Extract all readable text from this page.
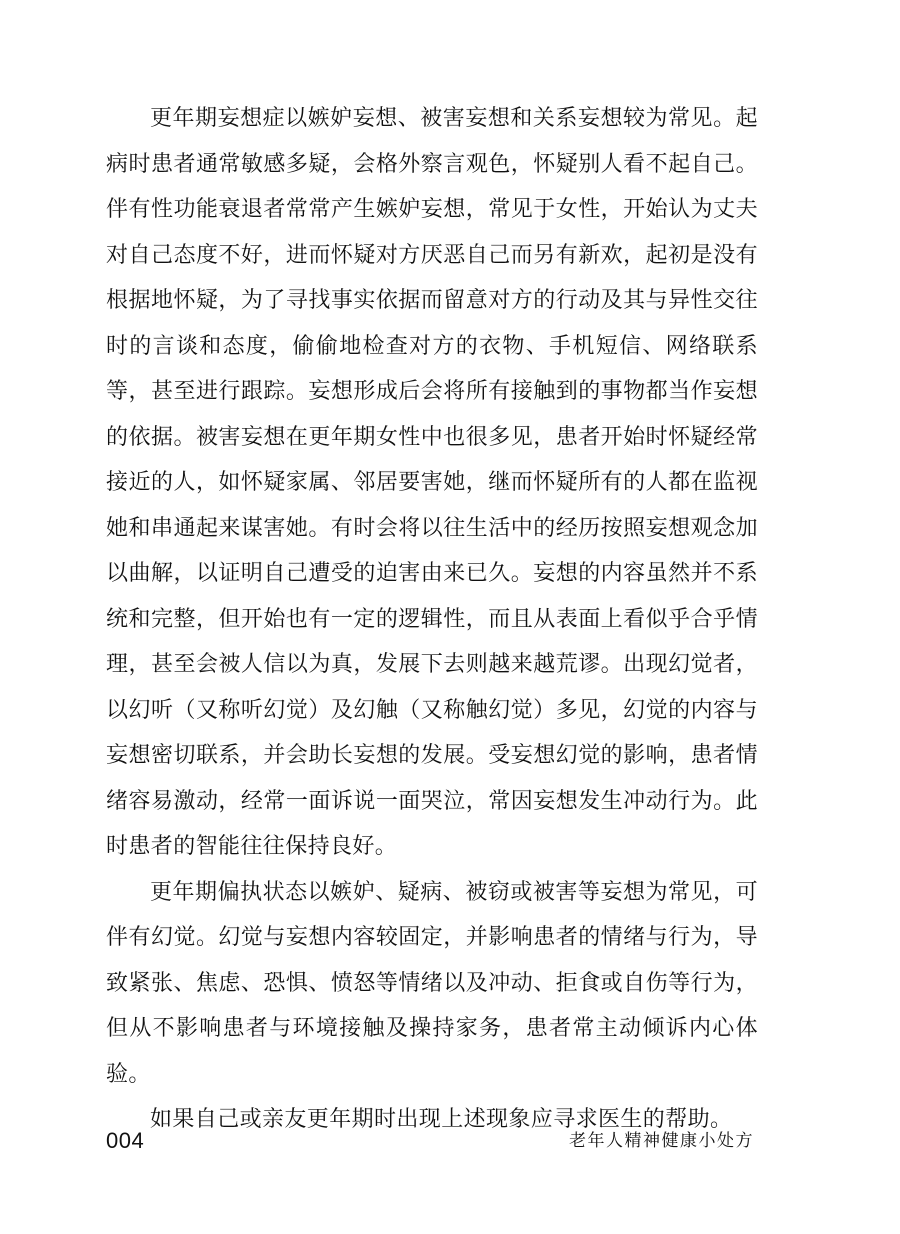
更年期妄想症以嫉妒妄想、被害妄想和关系妄想较为常见。起病时患者通常敏感多疑，会格外察言观色，怀疑别人看不起自己。伴有性功能衰退者常常产生嫉妒妄想，常见于女性，开始认为丈夫对自己态度不好，进而怀疑对方厌恶自己而另有新欢，起初是没有根据地怀疑，为了寻找事实依据而留意对方的行动及其与异性交往时的言谈和态度，偷偷地检查对方的衣物、手机短信、网络联系等，甚至进行跟踪。妄想形成后会将所有接触到的事物都当作妄想的依据。被害妄想在更年期女性中也很多见，患者开始时怀疑经常接近的人，如怀疑家属、邻居要害她，继而怀疑所有的人都在监视她和串通起来谋害她。有时会将以往生活中的经历按照妄想观念加以曲解，以证明自己遭受的迫害由来已久。妄想的内容虽然并不系统和完整，但开始也有一定的逻辑性，而且从表面上看似乎合乎情理，甚至会被人信以为真，发展下去则越来越荒谬。出现幻觉者，以幻听（又称听幻觉）及幻触（又称触幻觉）多见，幻觉的内容与妄想密切联系，并会助长妄想的发展。受妄想幻觉的影响，患者情绪容易激动，经常一面诉说一面哭泣，常因妄想发生冲动行为。此时患者的智能往往保持良好。

更年期偏执状态以嫉妒、疑病、被窃或被害等妄想为常见，可伴有幻觉。幻觉与妄想内容较固定，并影响患者的情绪与行为，导致紧张、焦虑、恐惧、愤怒等情绪以及冲动、拒食或自伤等行为，但从不影响患者与环境接触及操持家务，患者常主动倾诉内心体验。

如果自己或亲友更年期时出现上述现象应寻求医生的帮助。

004	老年人精神健康小处方
